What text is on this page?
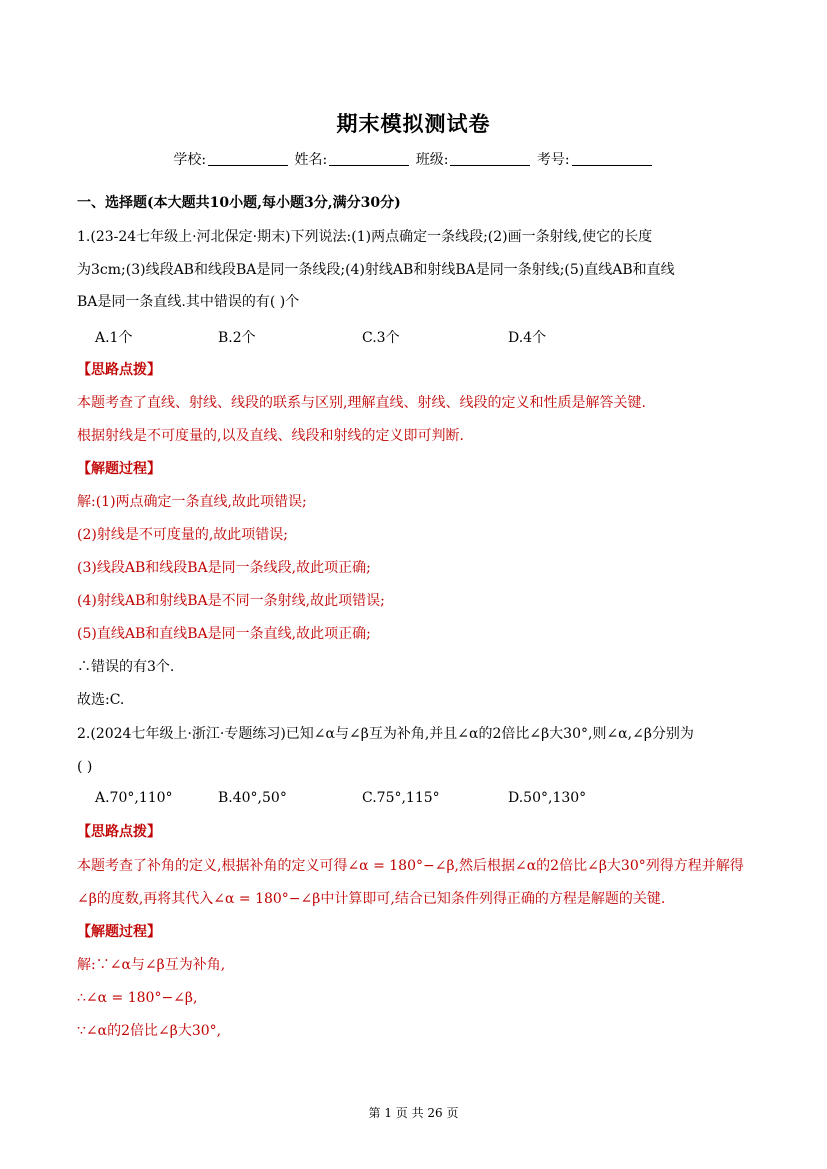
期末模拟测试卷
学校:	姓名:	班级:	考号:
一、选择题(本大题共10小题,每小题3分,满分30分)
1.(23-24七年级上·河北保定·期末)下列说法:(1)两点确定一条线段;(2)画一条射线,使它的长度
为3cm;(3)线段AB和线段BA是同一条线段;(4)射线AB和射线BA是同一条射线;(5)直线AB和直线
BA是同一条直线.其中错误的有( )个
A.1个	B.2个	C.3个	D.4个
【思路点拨】
本题考查了直线、射线、线段的联系与区别,理解直线、射线、线段的定义和性质是解答关键.
根据射线是不可度量的,以及直线、线段和射线的定义即可判断.
【解题过程】
解:(1)两点确定一条直线,故此项错误;
(2)射线是不可度量的,故此项错误;
(3)线段AB和线段BA是同一条线段,故此项正确;
(4)射线AB和射线BA是不同一条射线,故此项错误;
(5)直线AB和直线BA是同一条直线,故此项正确;
∴错误的有3个.
故选:C.
2.(2024七年级上·浙江·专题练习)已知∠α与∠β互为补角,并且∠α的2倍比∠β大30°,则∠α,∠β分别为
( )
A.70°,110°	B.40°,50°	C.75°,115°	D.50°,130°
【思路点拨】
本题考查了补角的定义,根据补角的定义可得∠α = 180°−∠β,然后根据∠α的2倍比∠β大30°列得方程并解得
∠β的度数,再将其代入∠α = 180°−∠β中计算即可,结合已知条件列得正确的方程是解题的关键.
【解题过程】
解:∵∠α与∠β互为补角,
∴∠α = 180°−∠β,
∵∠α的2倍比∠β大30°,
第 1 页 共 26 页
